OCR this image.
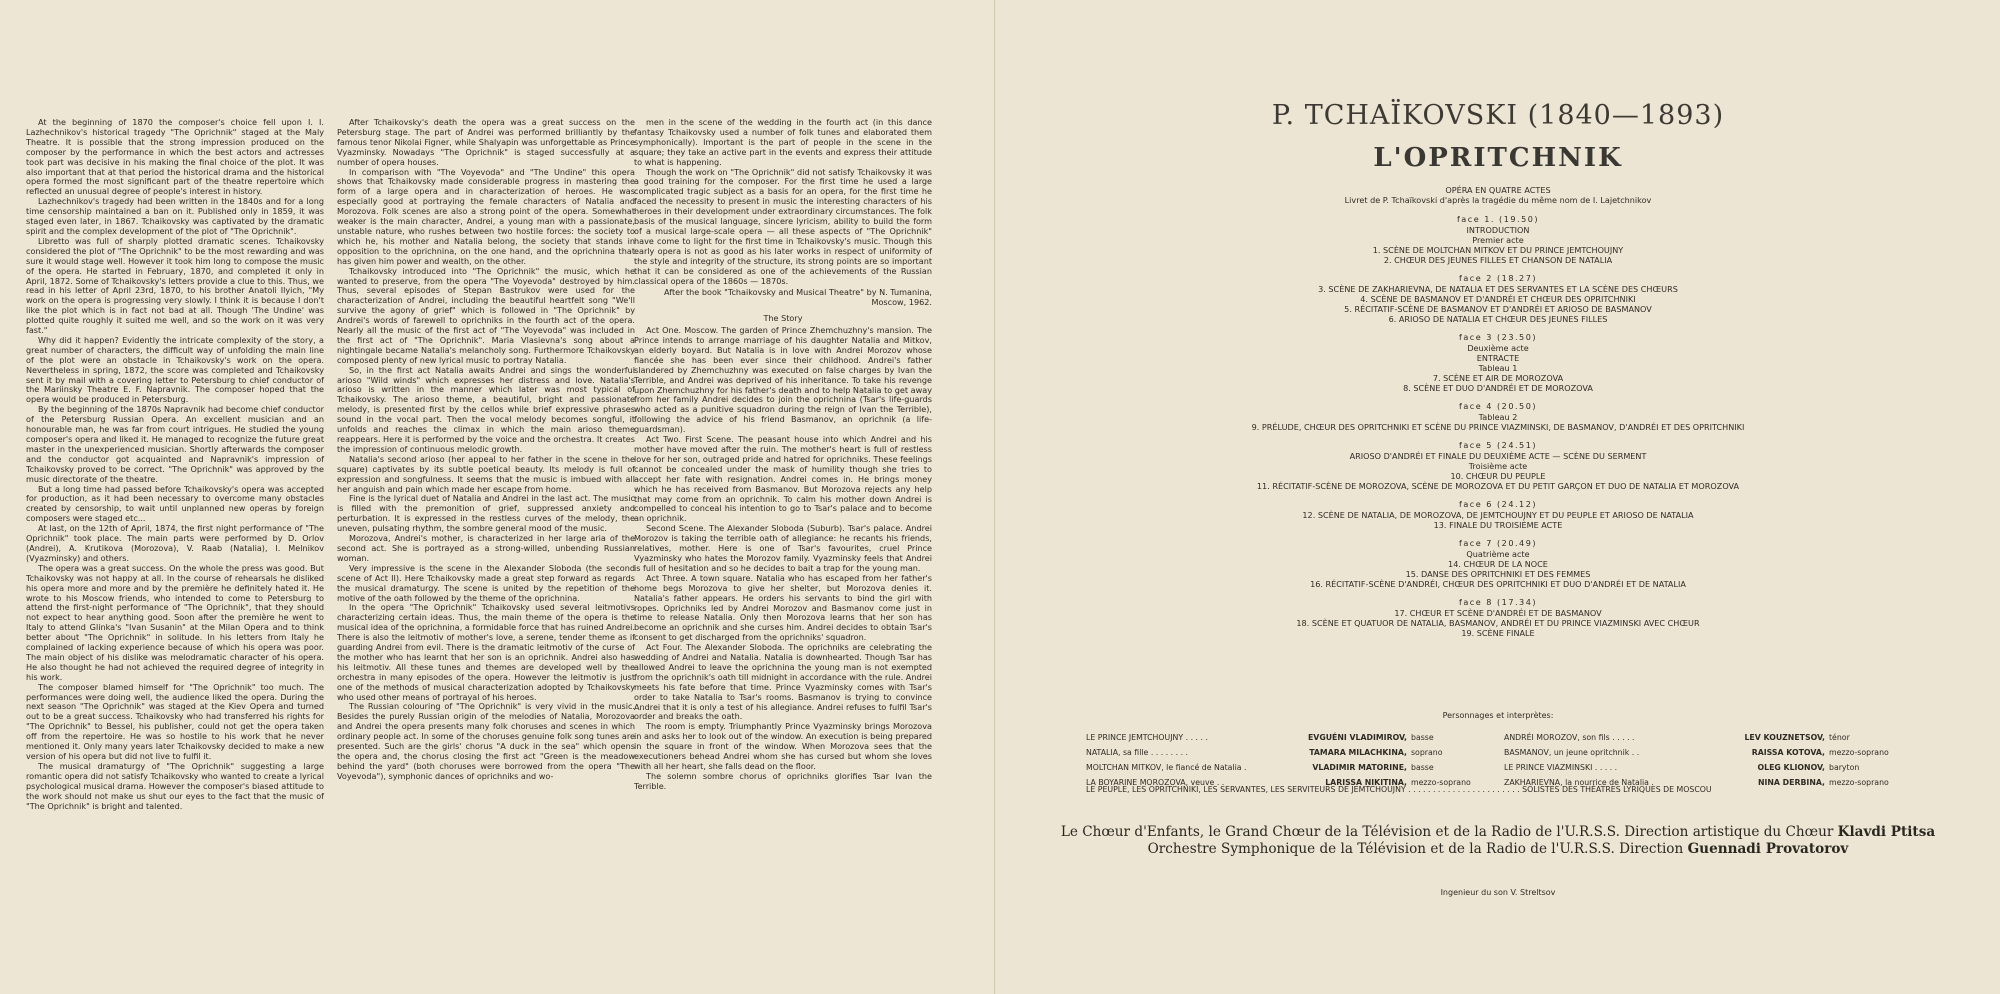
At the beginning of 1870 the composer's choice fell upon I. I. Lazhechnikov's historical tragedy "The Oprichnik" staged at the Maly Theatre. It is possible that the strong impression produced on the composer by the performance in which the best actors and actresses took part was decisive in his making the final choice of the plot. It was also important that at that period the historical drama and the historical opera formed the most significant part of the theatre repertoire which reflected an unusual degree of people's interest in history.

Lazhechnikov's tragedy had been written in the 1840s and for a long time censorship maintained a ban on it. Published only in 1859, it was staged even later, in 1867. Tchaikovsky was captivated by the dramatic spirit and the complex development of the plot of "The Oprichnik".

Libretto was full of sharply plotted dramatic scenes. Tchaikovsky considered the plot of "The Oprichnik" to be the most rewarding and was sure it would stage well. However it took him long to compose the music of the opera. He started in February, 1870, and completed it only in April, 1872. Some of Tchaikovsky's letters provide a clue to this. Thus, we read in his letter of April 23rd, 1870, to his brother Anatoli Ilyich, "My work on the opera is progressing very slowly. I think it is because I don't like the plot which is in fact not bad at all. Though 'The Undine' was plotted quite roughly it suited me well, and so the work on it was very fast."

Why did it happen? Evidently the intricate complexity of the story, a great number of characters, the difficult way of unfolding the main line of the plot were an obstacle in Tchaikovsky's work on the opera. Nevertheless in spring, 1872, the score was completed and Tchaikovsky sent it by mail with a covering letter to Petersburg to chief conductor of the Mariinsky Theatre E. F. Napravnik. The composer hoped that the opera would be produced in Petersburg.

By the beginning of the 1870s Napravnik had become chief conductor of the Petersburg Russian Opera. An excellent musician and an honourable man, he was far from court intrigues. He studied the young composer's opera and liked it. He managed to recognize the future great master in the unexperienced musician. Shortly afterwards the composer and the conductor got acquainted and Napravnik's impression of Tchaikovsky proved to be correct. "The Oprichnik" was approved by the music directorate of the theatre.

But a long time had passed before Tchaikovsky's opera was accepted for production, as it had been necessary to overcome many obstacles created by censorship, to wait until unplanned new operas by foreign composers were staged etc...

At last, on the 12th of April, 1874, the first night performance of "The Oprichnik" took place. The main parts were performed by D. Orlov (Andrei), A. Krutikova (Morozova), V. Raab (Natalia), I. Melnikov (Vyazminsky) and others.

The opera was a great success. On the whole the press was good. But Tchaikovsky was not happy at all. In the course of rehearsals he disliked his opera more and more and by the première he definitely hated it. He wrote to his Moscow friends, who intended to come to Petersburg to attend the first-night performance of "The Oprichnik", that they should not expect to hear anything good. Soon after the première he went to Italy to attend Glinka's "Ivan Susanin" at the Milan Opera and to think better about "The Oprichnik" in solitude. In his letters from Italy he complained of lacking experience because of which his opera was poor. The main object of his dislike was melodramatic character of his opera. He also thought he had not achieved the required degree of integrity in his work.

The composer blamed himself for "The Oprichnik" too much. The performances were doing well, the audience liked the opera. During the next season "The Oprichnik" was staged at the Kiev Opera and turned out to be a great success. Tchaikovsky who had transferred his rights for "The Oprichnik" to Bessel, his publisher, could not get the opera taken off from the repertoire. He was so hostile to his work that he never mentioned it. Only many years later Tchaikovsky decided to make a new version of his opera but did not live to fulfil it.

The musical dramaturgy of "The Oprichnik" suggesting a large romantic opera did not satisfy Tchaikovsky who wanted to create a lyrical psychological musical drama. However the composer's biased attitude to the work should not make us shut our eyes to the fact that the music of "The Oprichnik" is bright and talented.

After Tchaikovsky's death the opera was a great success on the Petersburg stage. The part of Andrei was performed brilliantly by the famous tenor Nikolai Figner, while Shalyapin was unforgettable as Prince Vyazminsky. Nowadays "The Oprichnik" is staged successfully at a number of opera houses.

In comparison with "The Voyevoda" and "The Undine" this opera shows that Tchaikovsky made considerable progress in mastering the form of a large opera and in characterization of heroes. He was especially good at portraying the female characters of Natalia and Morozova. Folk scenes are also a strong point of the opera. Somewhat weaker is the main character, Andrei, a young man with a passionate, unstable nature, who rushes between two hostile forces: the society to which he, his mother and Natalia belong, the society that stands in opposition to the oprichnina, on the one hand, and the oprichnina that has given him power and wealth, on the other.

Tchaikovsky introduced into "The Oprichnik" the music, which he wanted to preserve, from the opera "The Voyevoda" destroyed by him. Thus, several episodes of Stepan Bastrukov were used for the characterization of Andrei, including the beautiful heartfelt song "We'll survive the agony of grief" which is followed in "The Oprichnik" by Andrei's words of farewell to oprichniks in the fourth act of the opera. Nearly all the music of the first act of "The Voyevoda" was included in the first act of "The Oprichnik". Maria Vlasievna's song about a nightingale became Natalia's melancholy song. Furthermore Tchaikovsky composed plenty of new lyrical music to portray Natalia.

So, in the first act Natalia awaits Andrei and sings the wonderful arioso "Wild winds" which expresses her distress and love. Natalia's arioso is written in the manner which later was most typical of Tchaikovsky. The arioso theme, a beautiful, bright and passionate melody, is presented first by the cellos while brief expressive phrases sound in the vocal part. Then the vocal melody becomes songful, it unfolds and reaches the climax in which the main arioso theme reappears. Here it is performed by the voice and the orchestra. It creates the impression of continuous melodic growth.

Natalia's second arioso (her appeal to her father in the scene in the square) captivates by its subtle poetical beauty. Its melody is full of expression and songfulness. It seems that the music is imbued with all her anguish and pain which made her escape from home.

Fine is the lyrical duet of Natalia and Andrei in the last act. The music is filled with the premonition of grief, suppressed anxiety and perturbation. It is expressed in the restless curves of the melody, the uneven, pulsating rhythm, the sombre general mood of the music.

Morozova, Andrei's mother, is characterized in her large aria of the second act. She is portrayed as a strong-willed, unbending Russian woman.

Very impressive is the scene in the Alexander Sloboda (the second scene of Act II). Here Tchaikovsky made a great step forward as regards the musical dramaturgy. The scene is united by the repetition of the motive of the oath followed by the theme of the oprichnina.

In the opera "The Oprichnik" Tchaikovsky used several leitmotivs characterizing certain ideas. Thus, the main theme of the opera is the musical idea of the oprichnina, a formidable force that has ruined Andrei. There is also the leitmotiv of mother's love, a serene, tender theme as if guarding Andrei from evil. There is the dramatic leitmotiv of the curse of the mother who has learnt that her son is an oprichnik. Andrei also has his leitmotiv. All these tunes and themes are developed well by the orchestra in many episodes of the opera. However the leitmotiv is just one of the methods of musical characterization adopted by Tchaikovsky who used other means of portrayal of his heroes.

The Russian colouring of "The Oprichnik" is very vivid in the music. Besides the purely Russian origin of the melodies of Natalia, Morozova and Andrei the opera presents many folk choruses and scenes in which ordinary people act. In some of the choruses genuine folk song tunes are presented. Such are the girls' chorus "A duck in the sea" which opens the opera and, the chorus closing the first act "Green is the meadow behind the yard" (both choruses were borrowed from the opera "The Voyevoda"), symphonic dances of oprichniks and wo-

men in the scene of the wedding in the fourth act (in this dance fantasy Tchaikovsky used a number of folk tunes and elaborated them symphonically). Important is the part of people in the scene in the square; they take an active part in the events and express their attitude to what is happening.

Though the work on "The Oprichnik" did not satisfy Tchaikovsky it was a good training for the composer. For the first time he used a large complicated tragic subject as a basis for an opera, for the first time he faced the necessity to present in music the interesting characters of his heroes in their development under extraordinary circumstances. The folk basis of the musical language, sincere lyricism, ability to build the form of a musical large-scale opera — all these aspects of "The Oprichnik" have come to light for the first time in Tchaikovsky's music. Though this early opera is not as good as his later works in respect of uniformity of the style and integrity of the structure, its strong points are so important that it can be considered as one of the achievements of the Russian classical opera of the 1860s — 1870s.

After the book "Tchaikovsky and Musical Theatre" by N. Tumanina, Moscow, 1962.

The Story

Act One. Moscow. The garden of Prince Zhemchuzhny's mansion. The Prince intends to arrange marriage of his daughter Natalia and Mitkov, an elderly boyard. But Natalia is in love with Andrei Morozov whose fiancée she has been ever since their childhood. Andrei's father slandered by Zhemchuzhny was executed on false charges by Ivan the Terrible, and Andrei was deprived of his inheritance. To take his revenge upon Zhemchuzhny for his father's death and to help Natalia to get away from her family Andrei decides to join the oprichnina (Tsar's life-guards who acted as a punitive squadron during the reign of Ivan the Terrible), following the advice of his friend Basmanov, an oprichnik (a life-guardsman).

Act Two. First Scene. The peasant house into which Andrei and his mother have moved after the ruin. The mother's heart is full of restless love for her son, outraged pride and hatred for oprichniks. These feelings cannot be concealed under the mask of humility though she tries to accept her fate with resignation. Andrei comes in. He brings money which he has received from Basmanov. But Morozova rejects any help that may come from an oprichnik. To calm his mother down Andrei is compelled to conceal his intention to go to Tsar's palace and to become an oprichnik.

Second Scene. The Alexander Sloboda (Suburb). Tsar's palace. Andrei Morozov is taking the terrible oath of allegiance: he recants his friends, relatives, mother. Here is one of Tsar's favourites, cruel Prince Vyazminsky who hates the Morozov family. Vyazminsky feels that Andrei is full of hesitation and so he decides to bait a trap for the young man.

Act Three. A town square. Natalia who has escaped from her father's home begs Morozova to give her shelter, but Morozova denies it. Natalia's father appears. He orders his servants to bind the girl with ropes. Oprichniks led by Andrei Morozov and Basmanov come just in time to release Natalia. Only then Morozova learns that her son has become an oprichnik and she curses him. Andrei decides to obtain Tsar's consent to get discharged from the oprichniks' squadron.

Act Four. The Alexander Sloboda. The oprichniks are celebrating the wedding of Andrei and Natalia. Natalia is downhearted. Though Tsar has allowed Andrei to leave the oprichnina the young man is not exempted from the oprichnik's oath till midnight in accordance with the rule. Andrei meets his fate before that time. Prince Vyazminsky comes with Tsar's order to take Natalia to Tsar's rooms. Basmanov is trying to convince Andrei that it is only a test of his allegiance. Andrei refuses to fulfil Tsar's order and breaks the oath.

The room is empty. Triumphantly Prince Vyazminsky brings Morozova in and asks her to look out of the window. An execution is being prepared in the square in front of the window. When Morozova sees that the executioners behead Andrei whom she has cursed but whom she loves with all her heart, she falls dead on the floor.

The solemn sombre chorus of oprichniks glorifies Tsar Ivan the Terrible.

P. TCHAÏKOVSKI (1840—1893)
L'OPRITCHNIK
OPÉRA EN QUATRE ACTES
Livret de P. Tchaïkovski d'après la tragédie du même nom de I. Lajetchnikov
face 1. (19.50)
INTRODUCTION
Premier acte
1. SCÈNE DE MOLTCHAN MITKOV ET DU PRINCE JEMTCHOUJNY
2. CHŒUR DES JEUNES FILLES ET CHANSON DE NATALIA
face 2 (18.27)
3. SCÈNE DE ZAKHARIEVNA, DE NATALIA ET DES SERVANTES ET LA SCÈNE DES CHŒURS
4. SCÈNE DE BASMANOV ET D'ANDRÉI ET CHŒUR DES OPRITCHNIKI
5. RÉCITATIF-SCÈNE DE BASMANOV ET D'ANDRÉI ET ARIOSO DE BASMANOV
6. ARIOSO DE NATALIA ET CHŒUR DES JEUNES FILLES
face 3 (23.50)
Deuxième acte
ENTRACTE
Tableau 1
7. SCÈNE ET AIR DE MOROZOVA
8. SCÈNE ET DUO D'ANDRÉI ET DE MOROZOVA
face 4 (20.50)
Tableau 2
9. PRÉLUDE, CHŒUR DES OPRITCHNIKI ET SCÈNE DU PRINCE VIAZMINSKI, DE BASMANOV, D'ANDRÉI ET DES OPRITCHNIKI
face 5 (24.51)
ARIOSO D'ANDRÉI ET FINALE DU DEUXIÈME ACTE — SCÈNE DU SERMENT
Troisième acte
10. CHŒUR DU PEUPLE
11. RÉCITATIF-SCÈNE DE MOROZOVA, SCÈNE DE MOROZOVA ET DU PETIT GARÇON ET DUO DE NATALIA ET MOROZOVA
face 6 (24.12)
12. SCÈNE DE NATALIA, DE MOROZOVA, DE JEMTCHOUJNY ET DU PEUPLE ET ARIOSO DE NATALIA
13. FINALE DU TROISIÈME ACTE
face 7 (20.49)
Quatrième acte
14. CHŒUR DE LA NOCE
15. DANSE DES OPRITCHNIKI ET DES FEMMES
16. RÉCITATIF-SCÈNE D'ANDRÉI, CHŒUR DES OPRITCHNIKI ET DUO D'ANDRÉI ET DE NATALIA
face 8 (17.34)
17. CHŒUR ET SCÈNE D'ANDRÉI ET DE BASMANOV
18. SCÈNE ET QUATUOR DE NATALIA, BASMANOV, ANDRÉI ET DU PRINCE VIAZMINSKI AVEC CHŒUR
19. SCÈNE FINALE
Personnages et interprètes:
LE PRINCE JEMTCHOUJNY . . . . .	EVGUÉNI VLADIMIROV, basse
NATALIA, sa fille . . . . . . . .	TAMARA MILACHKINA, soprano
MOLTCHAN MITKOV, le fiancé de Natalia .	VLADIMIR MATORINE, basse
LA BOYARINE MOROZOVA, veuve . .	LARISSA NIKITINA, mezzo-soprano
ANDRÉI MOROZOV, son fils . . . . .	LEV KOUZNETSOV, ténor
BASMANOV, un jeune opritchnik . .	RAISSA KOTOVA, mezzo-soprano
LE PRINCE VIAZMINSKI . . . . .	OLEG KLIONOV, baryton
ZAKHARIEVNA, la nourrice de Natalia .	NINA DERBINA, mezzo-soprano
LE PEUPLE, LES OPRITCHNIKI, LES SERVANTES, LES SERVITEURS DE JEMTCHOUJNY . . . . . . . . . . . . . . . . . . . . . . . SOLISTES DES THÉATRES LYRIQUES DE MOSCOU
Le Chœur d'Enfants, le Grand Chœur de la Télévision et de la Radio de l'U.R.S.S. Direction artistique du Chœur Klavdi Ptitsa
Orchestre Symphonique de la Télévision et de la Radio de l'U.R.S.S. Direction Guennadi Provatorov
Ingenieur du son V. Streltsov
